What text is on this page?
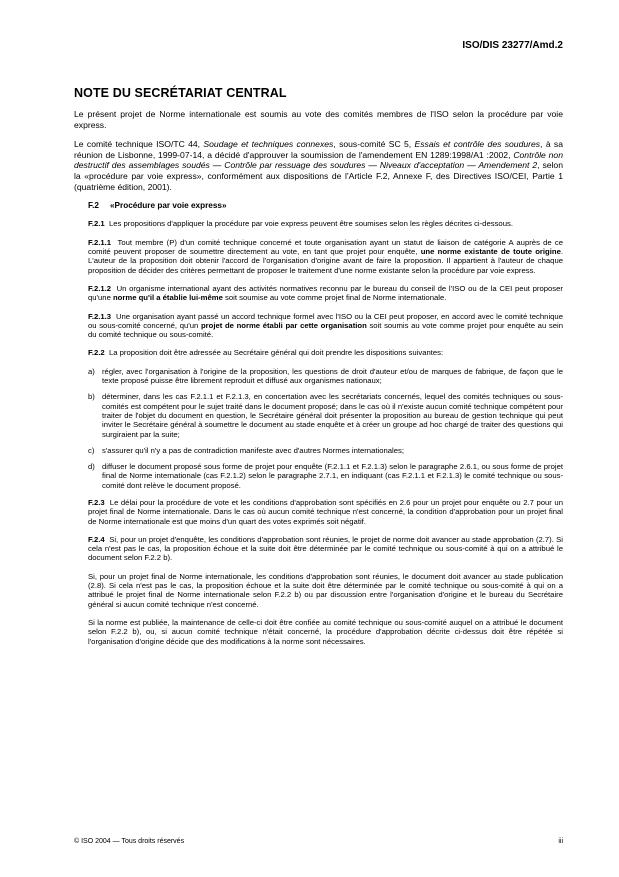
ISO/DIS 23277/Amd.2
NOTE DU SECRÉTARIAT CENTRAL

Le présent projet de Norme internationale est soumis au vote des comités membres de l'ISO selon la procédure par voie express.

Le comité technique ISO/TC 44, Soudage et techniques connexes, sous-comité SC 5, Essais et contrôle des soudures, à sa réunion de Lisbonne, 1999-07-14, a décidé d'approuver la soumission de l'amendement EN 1289:1998/A1 :2002, Contrôle non destructif des assemblages soudés — Contrôle par ressuage des soudures — Niveaux d'acceptation — Amendement 2, selon la «procédure par voie express», conformément aux dispositions de l'Article F.2, Annexe F, des Directives ISO/CEI, Partie 1 (quatrième édition, 2001).

F.2 «Procédure par voie express»

F.2.1 Les propositions d'appliquer la procédure par voie express peuvent être soumises selon les règles décrites ci-dessous.

F.2.1.1 Tout membre (P) d'un comité technique concerné et toute organisation ayant un statut de liaison de catégorie A auprès de ce comité peuvent proposer de soumettre directement au vote, en tant que projet pour enquête, une norme existante de toute origine. L'auteur de la proposition doit obtenir l'accord de l'organisation d'origine avant de faire la proposition. Il appartient à l'auteur de chaque proposition de décider des critères permettant de proposer le traitement d'une norme existante selon la procédure par voie express.

F.2.1.2 Un organisme international ayant des activités normatives reconnu par le bureau du conseil de l'ISO ou de la CEI peut proposer qu'une norme qu'il a établie lui-même soit soumise au vote comme projet final de Norme internationale.

F.2.1.3 Une organisation ayant passé un accord technique formel avec l'ISO ou la CEI peut proposer, en accord avec le comité technique ou sous-comité concerné, qu'un projet de norme établi par cette organisation soit soumis au vote comme projet pour enquête au sein du comité technique ou sous-comité.

F.2.2 La proposition doit être adressée au Secrétaire général qui doit prendre les dispositions suivantes:

a) régler, avec l'organisation à l'origine de la proposition, les questions de droit d'auteur et/ou de marques de fabrique, de façon que le texte proposé puisse être librement reproduit et diffusé aux organismes nationaux;
b) déterminer, dans les cas F.2.1.1 et F.2.1.3, en concertation avec les secrétariats concernés, lequel des comités techniques ou sous-comités est compétent pour le sujet traité dans le document proposé; dans le cas où il n'existe aucun comité technique compétent pour traiter de l'objet du document en question, le Secrétaire général doit présenter la proposition au bureau de gestion technique qui peut inviter le Secrétaire général à soumettre le document au stade enquête et à créer un groupe ad hoc chargé de traiter des questions qui surgiraient par la suite;
c) s'assurer qu'il n'y a pas de contradiction manifeste avec d'autres Normes internationales;
d) diffuser le document proposé sous forme de projet pour enquête (F.2.1.1 et F.2.1.3) selon le paragraphe 2.6.1, ou sous forme de projet final de Norme internationale (cas F.2.1.2) selon le paragraphe 2.7.1, en indiquant (cas F.2.1.1 et F.2.1.3) le comité technique ou sous-comité dont relève le document proposé.

F.2.3 Le délai pour la procédure de vote et les conditions d'approbation sont spécifiés en 2.6 pour un projet pour enquête ou 2.7 pour un projet final de Norme internationale. Dans le cas où aucun comité technique n'est concerné, la condition d'approbation pour un projet final de Norme internationale est que moins d'un quart des votes exprimés soit négatif.

F.2.4 Si, pour un projet d'enquête, les conditions d'approbation sont réunies, le projet de norme doit avancer au stade approbation (2.7). Si cela n'est pas le cas, la proposition échoue et la suite doit être déterminée par le comité technique ou sous-comité à qui on a attribué le document selon F.2.2 b).

Si, pour un projet final de Norme internationale, les conditions d'approbation sont réunies, le document doit avancer au stade publication (2.8). Si cela n'est pas le cas, la proposition échoue et la suite doit être déterminée par le comité technique ou sous-comité à qui on a attribué le projet final de Norme internationale selon F.2.2 b) ou par discussion entre l'organisation d'origine et le bureau du Secrétaire général si aucun comité technique n'est concerné.

Si la norme est publiée, la maintenance de celle-ci doit être confiée au comité technique ou sous-comité auquel on a attribué le document selon F.2.2 b), ou, si aucun comité technique n'était concerné, la procédure d'approbation décrite ci-dessus doit être répétée si l'organisation d'origine décide que des modifications à la norme sont nécessaires.

© ISO 2004 — Tous droits réservés	iii
